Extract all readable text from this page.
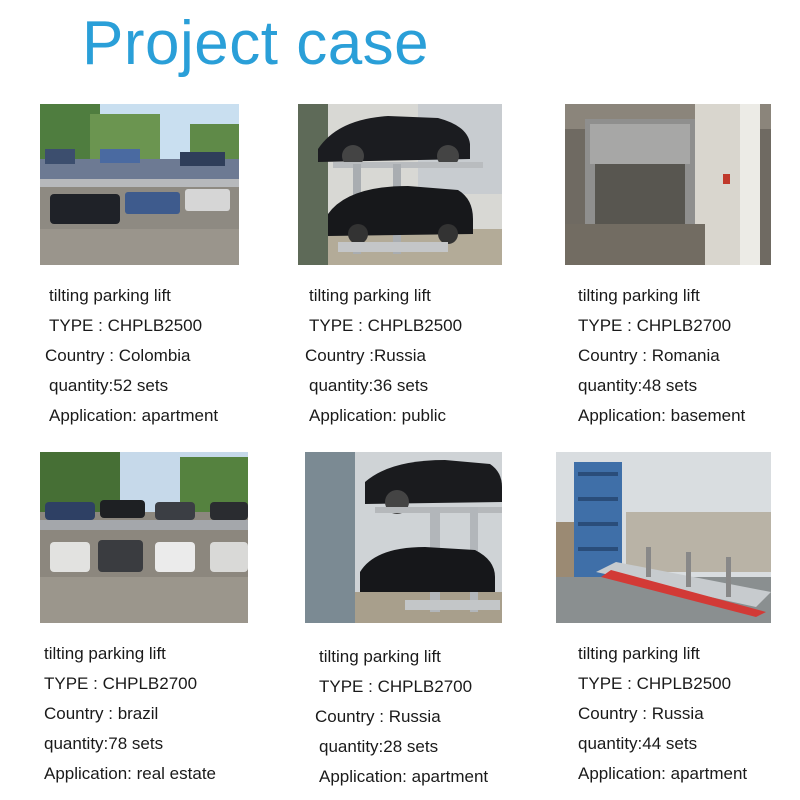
Project case
tilting parking lift
TYPE : CHPLB2500
Country : Colombia
quantity:52 sets
Application: apartment
tilting parking lift
TYPE : CHPLB2500
Country :Russia
quantity:36 sets
Application: public
tilting parking lift
TYPE : CHPLB2700
Country : Romania
quantity:48 sets
Application: basement
tilting parking lift
TYPE : CHPLB2700
Country : brazil
quantity:78 sets
Application: real estate
tilting parking lift
TYPE : CHPLB2700
Country : Russia
quantity:28 sets
Application: apartment
tilting parking lift
TYPE : CHPLB2500
Country : Russia
quantity:44 sets
Application: apartment
